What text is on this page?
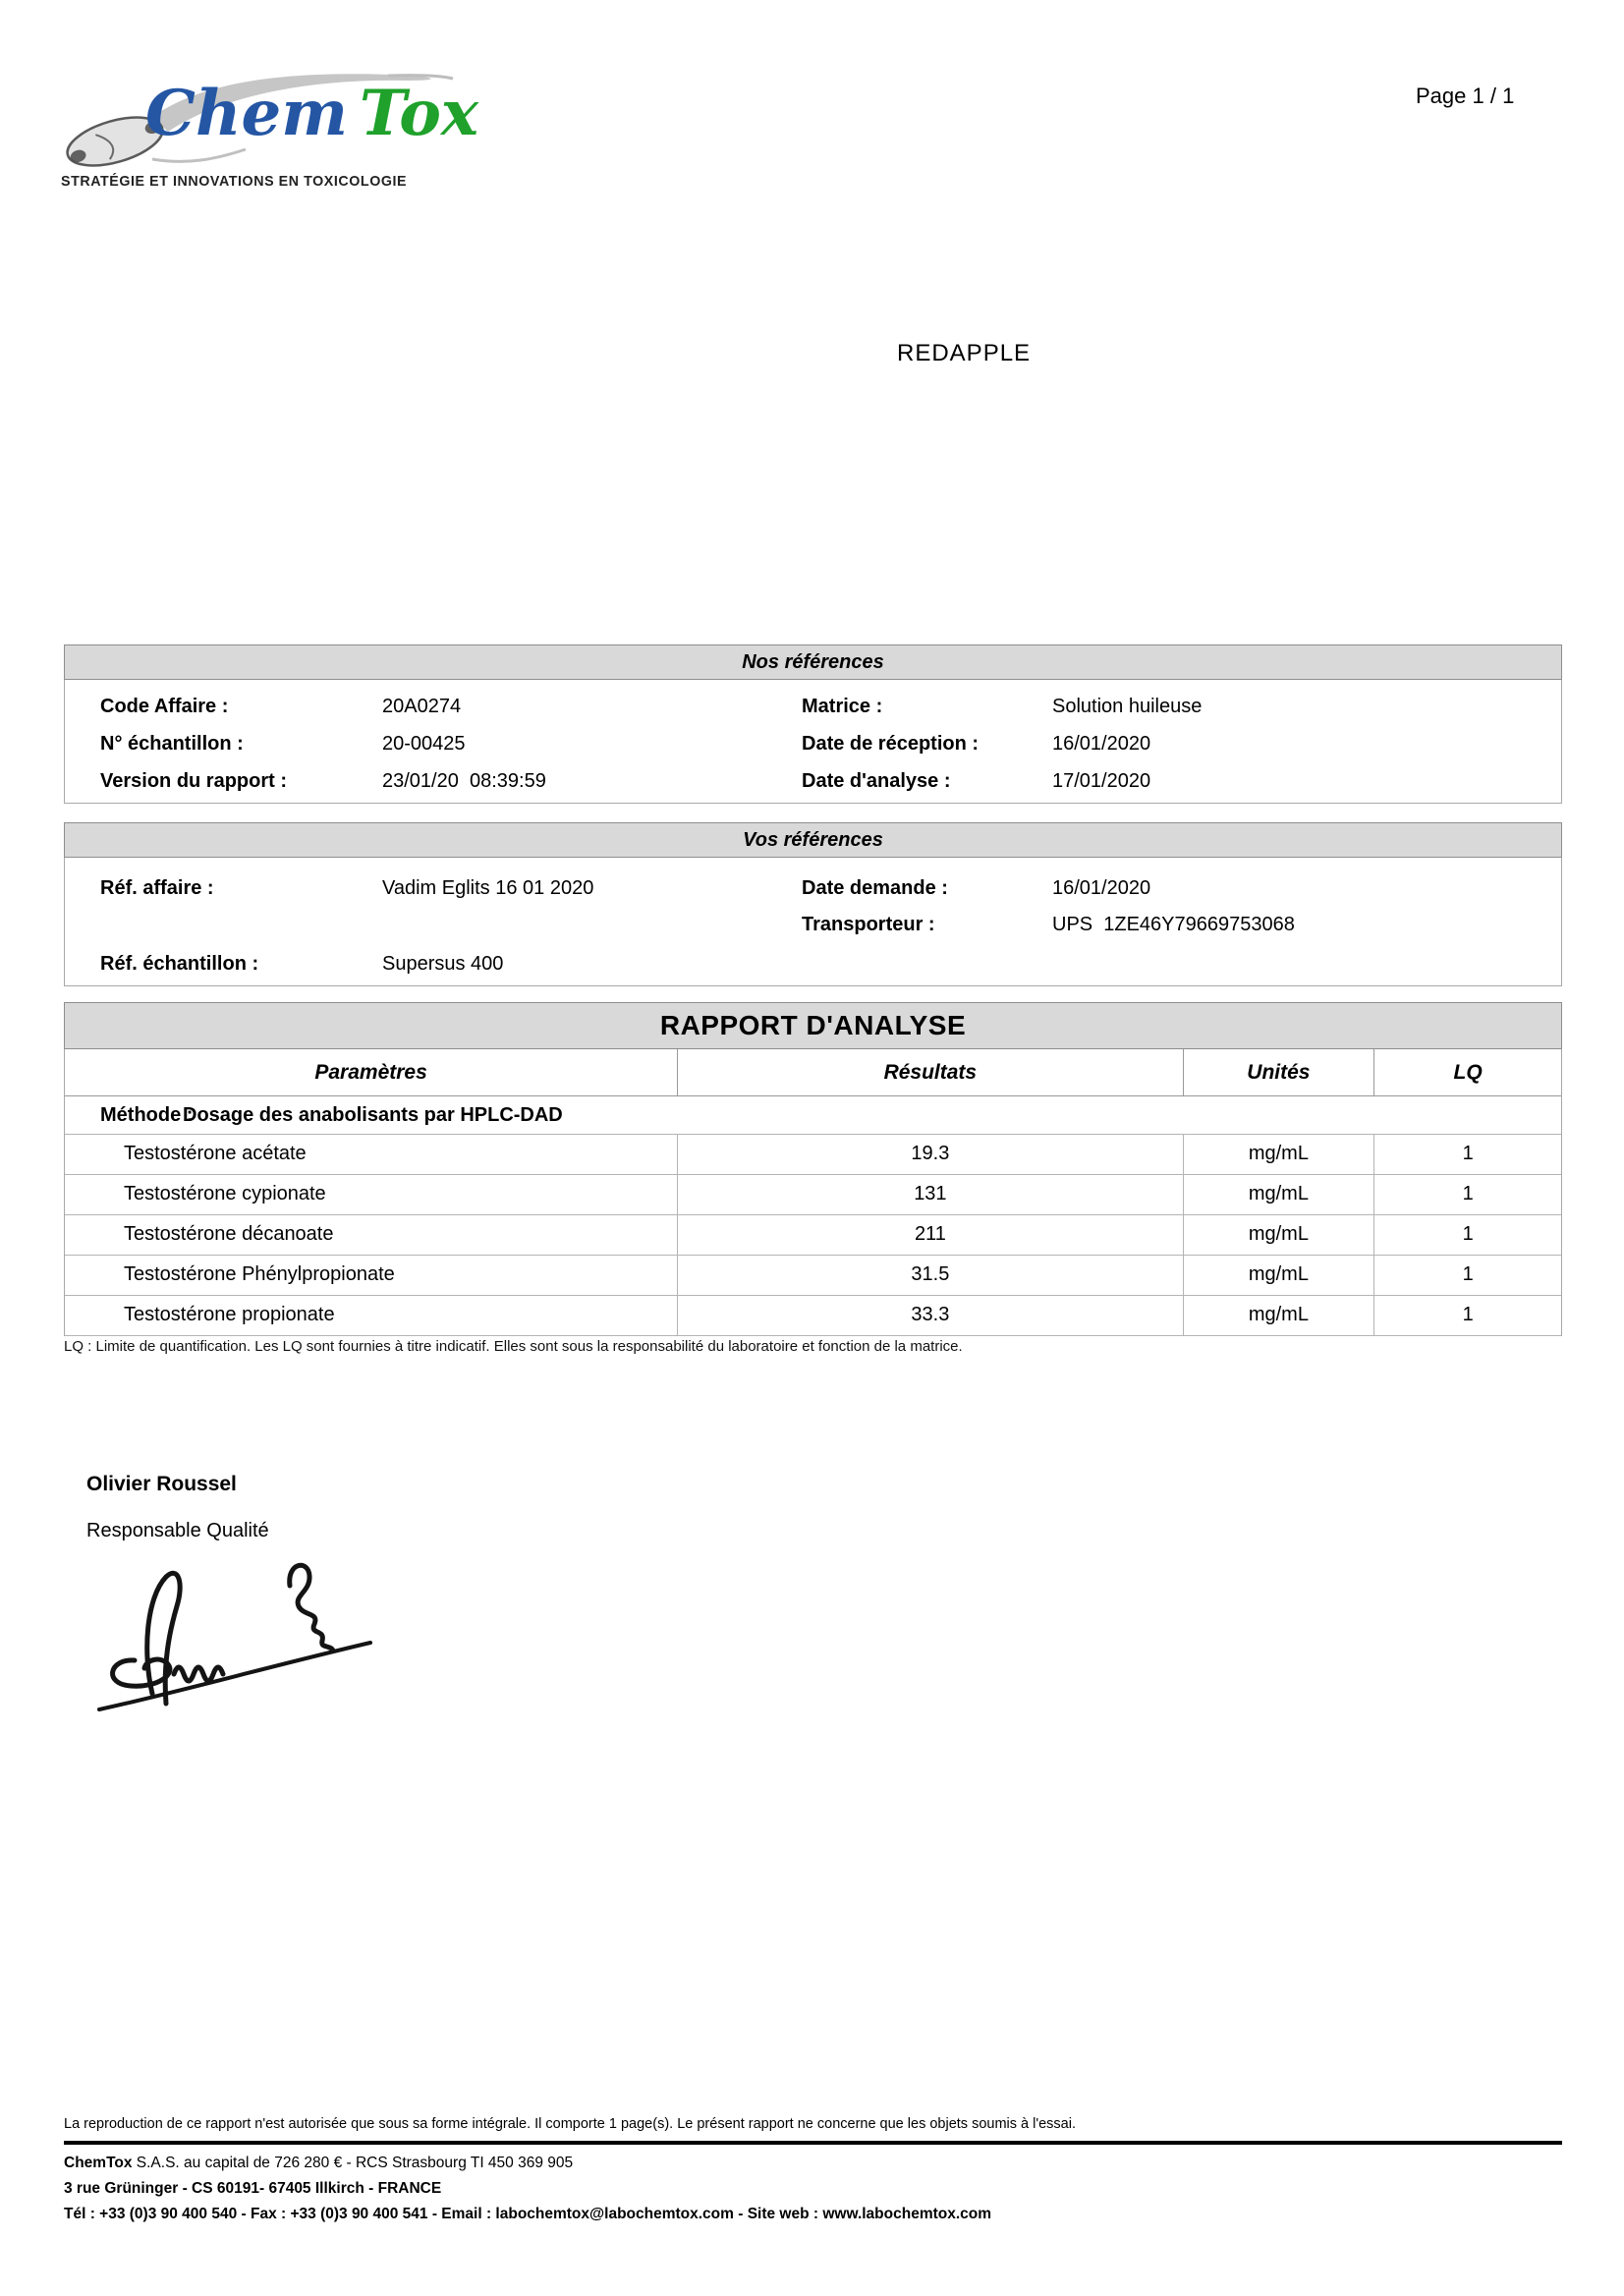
Chem Tox
STRATÉGIE ET INNOVATIONS EN TOXICOLOGIE
Page 1 / 1
REDAPPLE
Nos références
Code Affaire :	20A0274	Matrice :	Solution huileuse
N° échantillon :	20-00425	Date de réception :	16/01/2020
Version du rapport :	23/01/20  08:39:59	Date d'analyse :	17/01/2020
Vos références
Réf. affaire :	Vadim Eglits 16 01 2020	Date demande :	16/01/2020
Transporteur :	UPS  1ZE46Y79669753068
Réf. échantillon :	Supersus 400
RAPPORT D'ANALYSE
Paramètres	Résultats	Unités	LQ
Méthode :
Dosage des anabolisants par HPLC-DAD
Testostérone acétate	19.3	mg/mL	1
Testostérone cypionate	131	mg/mL	1
Testostérone décanoate	211	mg/mL	1
Testostérone Phénylpropionate	31.5	mg/mL	1
Testostérone propionate	33.3	mg/mL	1
LQ : Limite de quantification. Les LQ sont fournies à titre indicatif. Elles sont sous la responsabilité du laboratoire et fonction de la matrice.
Olivier Roussel
Responsable Qualité
La reproduction de ce rapport n'est autorisée que sous sa forme intégrale. Il comporte 1 page(s). Le présent rapport ne concerne que les objets soumis à l'essai.
ChemTox S.A.S. au capital de 726 280 € - RCS Strasbourg TI 450 369 905
3 rue Grüninger - CS 60191- 67405 Illkirch - FRANCE
Tél : +33 (0)3 90 400 540 - Fax : +33 (0)3 90 400 541 - Email : labochemtox@labochemtox.com - Site web : www.labochemtox.com
